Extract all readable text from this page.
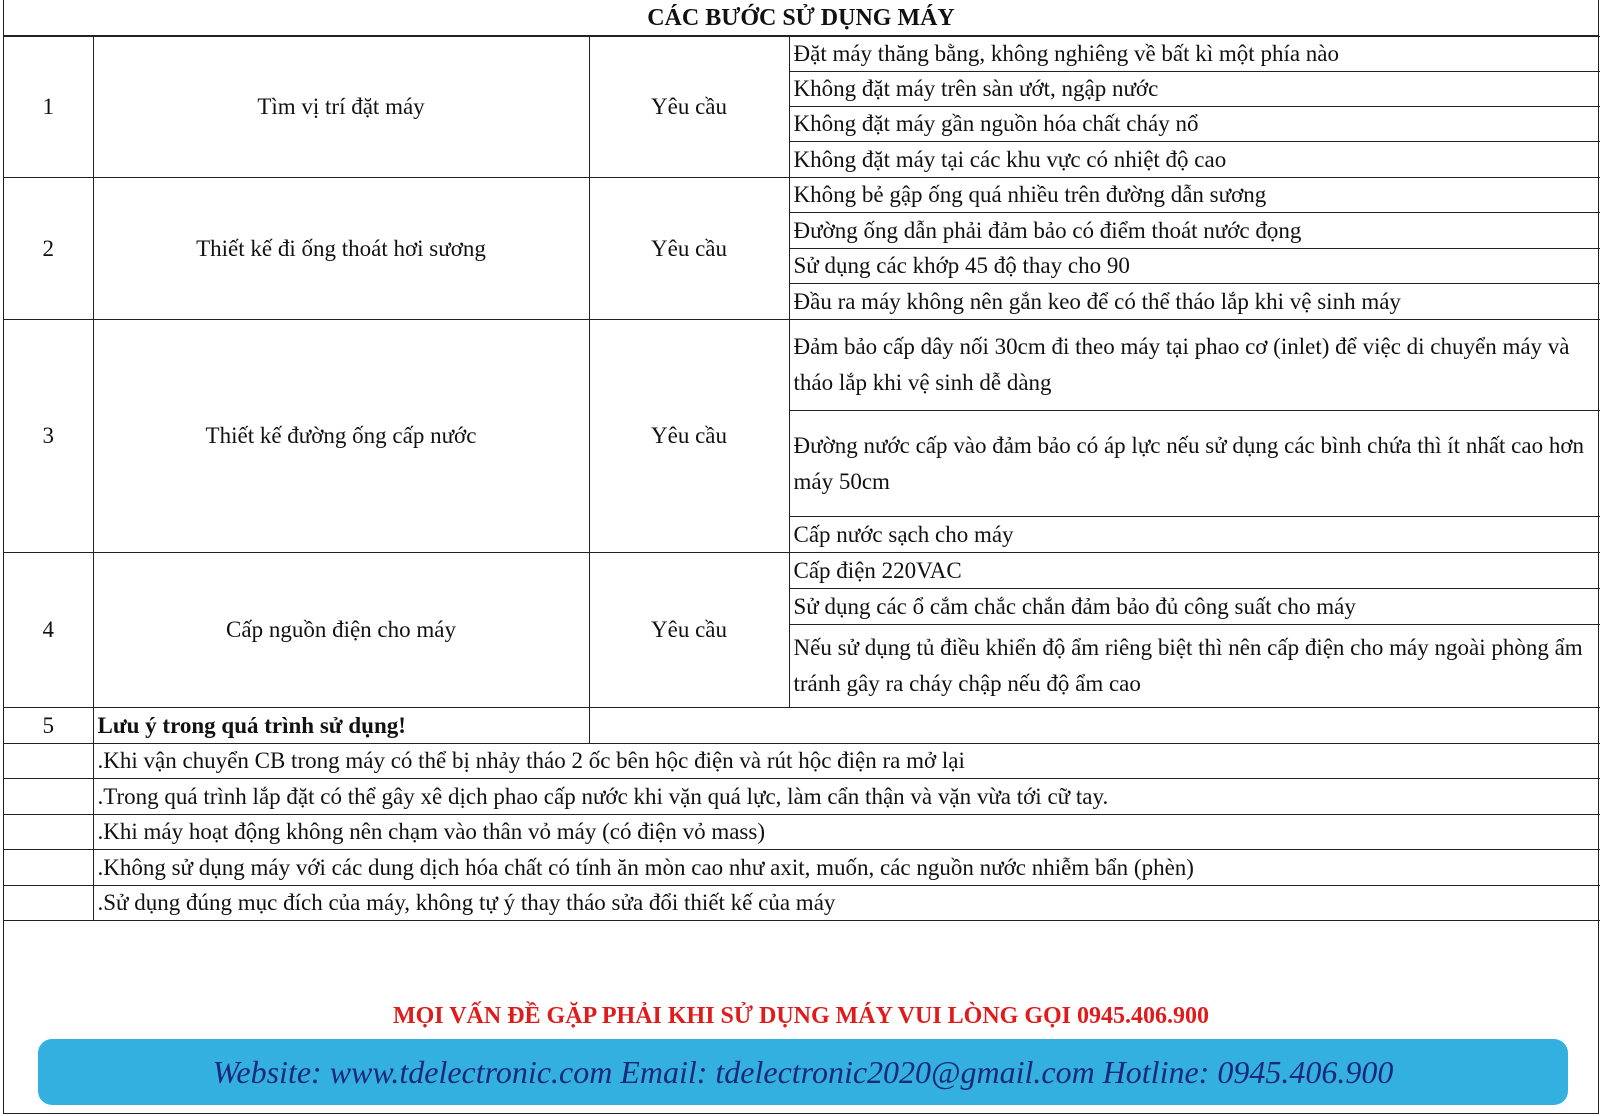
CÁC BƯỚC SỬ DỤNG MÁY
1	Tìm vị trí đặt máy	Yêu cầu	Đặt máy thăng bằng, không nghiêng về bất kì một phía nào
			Không đặt máy trên sàn ướt, ngập nước
			Không đặt máy gần nguồn hóa chất cháy nổ
			Không đặt máy tại các khu vực có nhiệt độ cao
2	Thiết kế đi ống thoát hơi sương	Yêu cầu	Không bẻ gập ống quá nhiều trên đường dẫn sương
			Đường ống dẫn phải đảm bảo có điểm thoát nước đọng
			Sử dụng các khớp 45 độ thay cho 90
			Đầu ra máy không nên gắn keo để có thể tháo lắp khi vệ sinh máy
3	Thiết kế đường ống cấp nước	Yêu cầu	Đảm bảo cấp dây nối 30cm đi theo máy tại phao cơ (inlet) để việc di chuyển máy và tháo lắp khi vệ sinh dễ dàng
			Đường nước cấp vào đảm bảo có áp lực nếu sử dụng các bình chứa thì ít nhất cao hơn máy 50cm
			Cấp nước sạch cho máy
4	Cấp nguồn điện cho máy	Yêu cầu	Cấp điện 220VAC
			Sử dụng các ổ cắm chắc chắn đảm bảo đủ công suất cho máy
			Nếu sử dụng tủ điều khiển độ ẩm riêng biệt thì nên cấp điện cho máy ngoài phòng ẩm tránh gây ra cháy chập nếu độ ẩm cao
5	Lưu ý trong quá trình sử dụng!		
	.Khi vận chuyển CB trong máy có thể bị nhảy tháo 2 ốc bên hộc điện và rút hộc điện ra mở lại		
	.Trong quá trình lắp đặt có thể gây xê dịch phao cấp nước khi vặn quá lực, làm cẩn thận và vặn vừa tới cữ tay.		
	.Khi máy hoạt động không nên chạm vào thân vỏ máy (có điện vỏ mass)		
	.Không sử dụng máy với các dung dịch hóa chất có tính ăn mòn cao như axit, muốn, các nguồn nước nhiễm bẩn (phèn)		
	.Sử dụng đúng mục đích của máy, không tự ý thay tháo sửa đổi thiết kế của máy		
MỌI VẤN ĐỀ GẶP PHẢI KHI SỬ DỤNG MÁY VUI LÒNG GỌI 0945.406.900
Website: www.tdelectronic.com Email: tdelectronic2020@gmail.com Hotline: 0945.406.900
